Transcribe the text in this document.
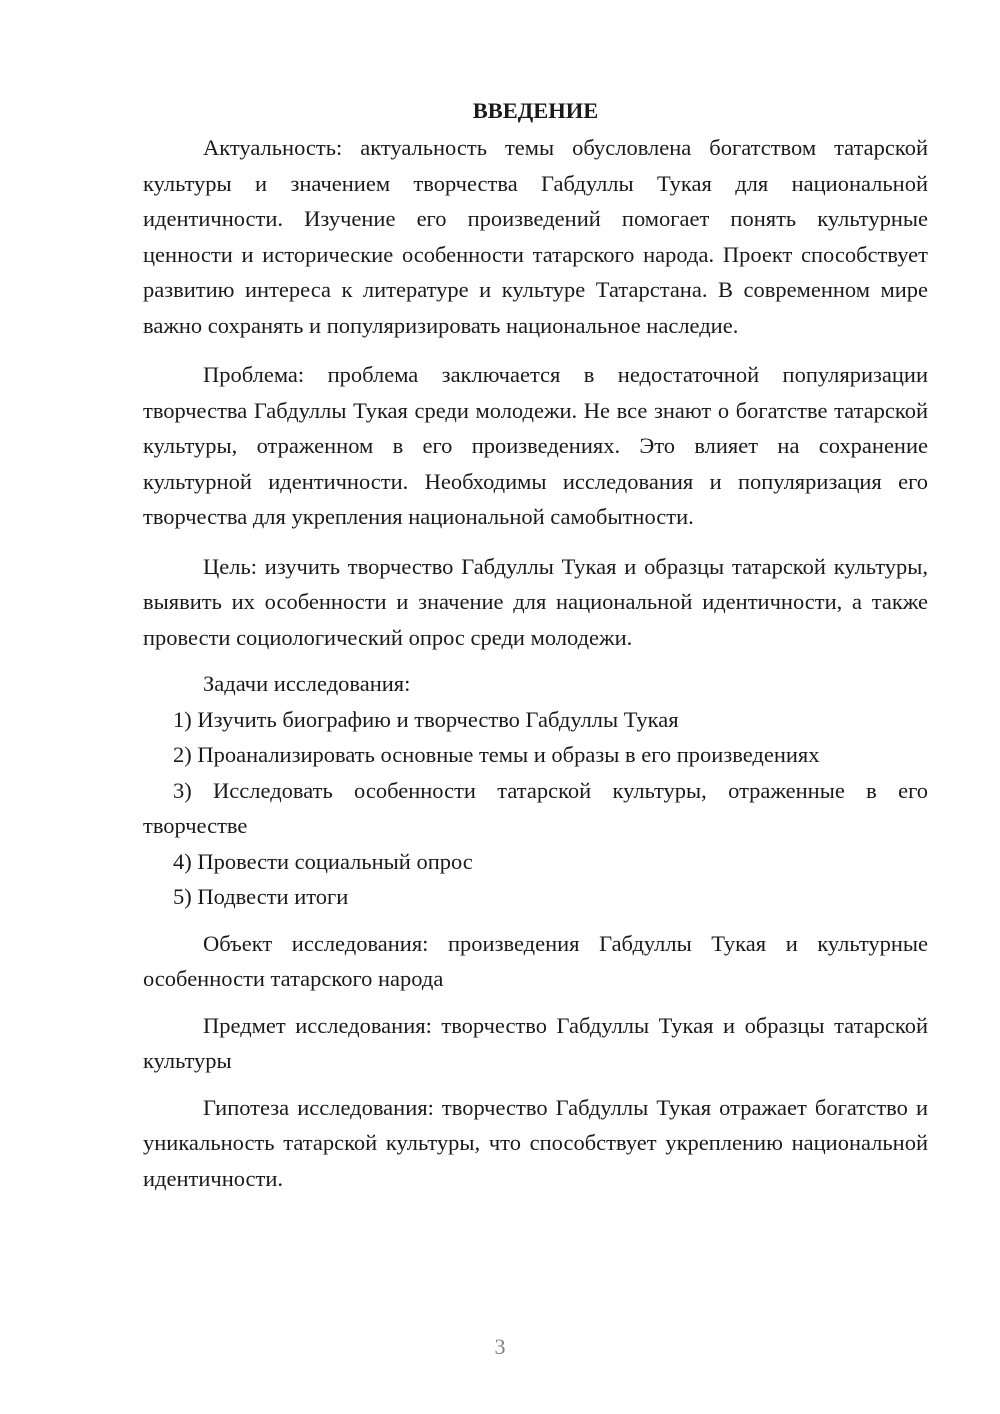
ВВЕДЕНИЕ

Актуальность: актуальность темы обусловлена богатством татарской культуры и значением творчества Габдуллы Тукая для национальной идентичности. Изучение его произведений помогает понять культурные ценности и исторические особенности татарского народа. Проект способствует развитию интереса к литературе и культуре Татарстана. В современном мире важно сохранять и популяризировать национальное наследие.

Проблема: проблема заключается в недостаточной популяризации творчества Габдуллы Тукая среди молодежи. Не все знают о богатстве татарской культуры, отраженном в его произведениях. Это влияет на сохранение культурной идентичности. Необходимы исследования и популяризация его творчества для укрепления национальной самобытности.

Цель: изучить творчество Габдуллы Тукая и образцы татарской культуры, выявить их особенности и значение для национальной идентичности, а также провести социологический опрос среди молодежи.

Задачи исследования:

1) Изучить биографию и творчество Габдуллы Тукая

2) Проанализировать основные темы и образы в его произведениях

3) Исследовать особенности татарской культуры, отраженные в его творчестве

4) Провести социальный опрос

5) Подвести итоги

Объект исследования: произведения Габдуллы Тукая и культурные особенности татарского народа

Предмет исследования: творчество Габдуллы Тукая и образцы татарской культуры

Гипотеза исследования: творчество Габдуллы Тукая отражает богатство и уникальность татарской культуры, что способствует укреплению национальной идентичности.

3
